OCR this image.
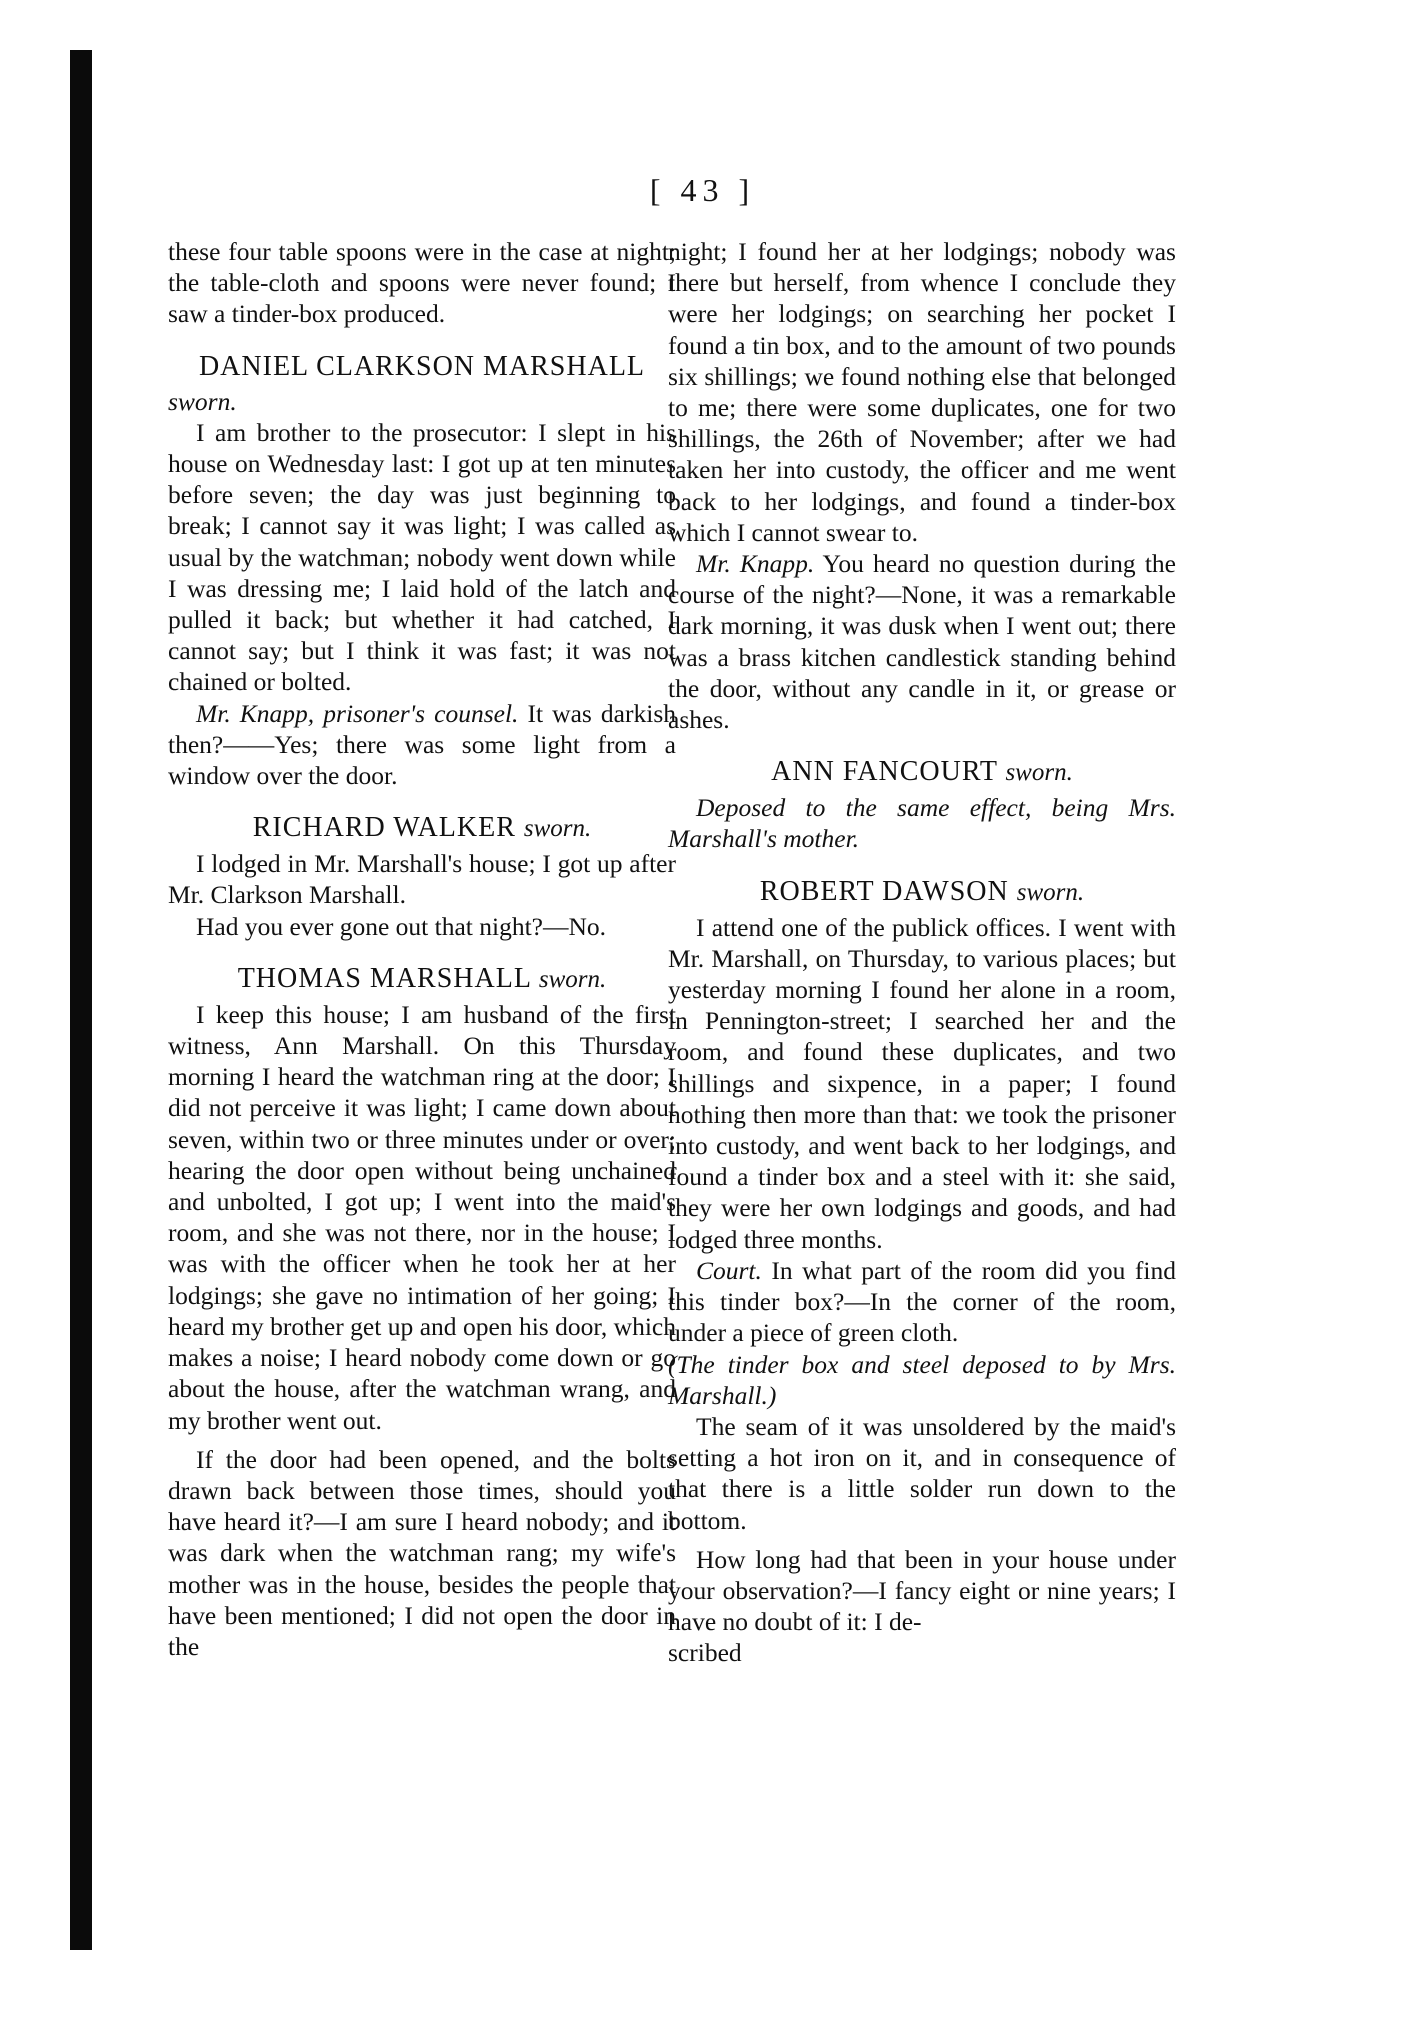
[ 43 ]

these four table spoons were in the case at night; the table-cloth and spoons were never found; I saw a tinder-box produced.

DANIEL CLARKSON MARSHALL

sworn.

I am brother to the prosecutor: I slept in his house on Wednesday last: I got up at ten minutes before seven; the day was just beginning to break; I cannot say it was light; I was called as usual by the watchman; nobody went down while I was dressing me; I laid hold of the latch and pulled it back; but whether it had catched, I cannot say; but I think it was fast; it was not chained or bolted.

Mr. Knapp, prisoner's counsel. It was darkish then?——Yes; there was some light from a window over the door.

RICHARD WALKER sworn.

I lodged in Mr. Marshall's house; I got up after Mr. Clarkson Marshall.

Had you ever gone out that night?—No.

THOMAS MARSHALL sworn.

I keep this house; I am husband of the first witness, Ann Marshall. On this Thursday morning I heard the watchman ring at the door; I did not perceive it was light; I came down about seven, within two or three minutes under or over; hearing the door open without being unchained and unbolted, I got up; I went into the maid's room, and she was not there, nor in the house; I was with the officer when he took her at her lodgings; she gave no intimation of her going; I heard my brother get up and open his door, which makes a noise; I heard nobody come down or go about the house, after the watchman wrang, and my brother went out.

If the door had been opened, and the bolts drawn back between those times, should you have heard it?—I am sure I heard nobody; and it was dark when the watchman rang; my wife's mother was in the house, besides the people that have been mentioned; I did not open the door in the

night; I found her at her lodgings; nobody was there but herself, from whence I conclude they were her lodgings; on searching her pocket I found a tin box, and to the amount of two pounds six shillings; we found nothing else that belonged to me; there were some duplicates, one for two shillings, the 26th of November; after we had taken her into custody, the officer and me went back to her lodgings, and found a tinder-box which I cannot swear to.

Mr. Knapp. You heard no question during the course of the night?—None, it was a remarkable dark morning, it was dusk when I went out; there was a brass kitchen candlestick standing behind the door, without any candle in it, or grease or ashes.

ANN FANCOURT sworn.

Deposed to the same effect, being Mrs. Marshall's mother.

ROBERT DAWSON sworn.

I attend one of the publick offices. I went with Mr. Marshall, on Thursday, to various places; but yesterday morning I found her alone in a room, in Pennington-street; I searched her and the room, and found these duplicates, and two shillings and sixpence, in a paper; I found nothing then more than that: we took the prisoner into custody, and went back to her lodgings, and found a tinder box and a steel with it: she said, they were her own lodgings and goods, and had lodged three months.

Court. In what part of the room did you find this tinder box?—In the corner of the room, under a piece of green cloth.

(The tinder box and steel deposed to by Mrs. Marshall.)

The seam of it was unsoldered by the maid's setting a hot iron on it, and in consequence of that there is a little solder run down to the bottom.

How long had that been in your house under your observation?—I fancy eight or nine years; I have no doubt of it: I de-

scribed
